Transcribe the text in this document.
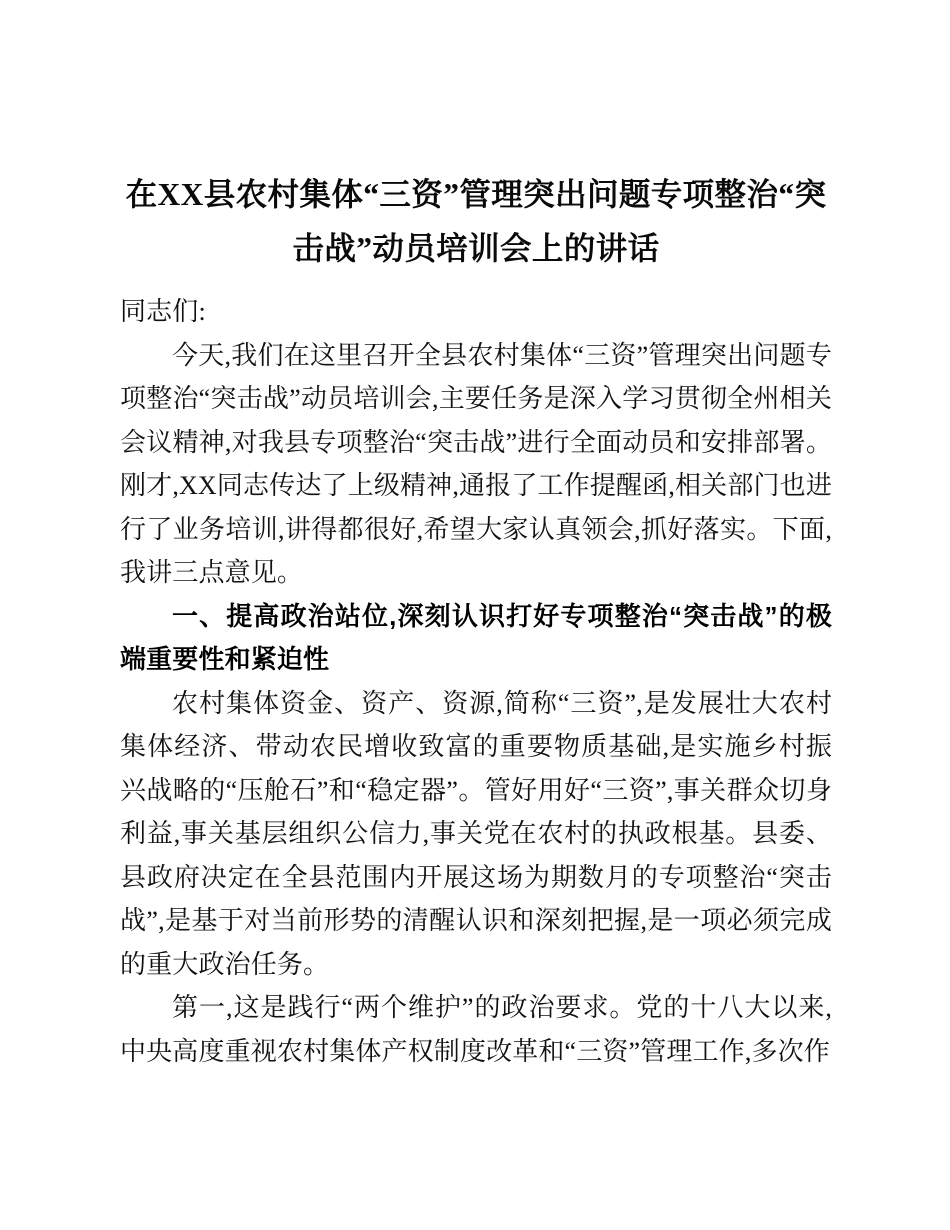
在XX县农村集体“三资”管理突出问题专项整治“突击战”动员培训会上的讲话

同志们:

今天,我们在这里召开全县农村集体“三资”管理突出问题专项整治“突击战”动员培训会,主要任务是深入学习贯彻全州相关会议精神,对我县专项整治“突击战”进行全面动员和安排部署。刚才,XX同志传达了上级精神,通报了工作提醒函,相关部门也进行了业务培训,讲得都很好,希望大家认真领会,抓好落实。下面,我讲三点意见。

一、提高政治站位,深刻认识打好专项整治“突击战”的极端重要性和紧迫性

农村集体资金、资产、资源,简称“三资”,是发展壮大农村集体经济、带动农民增收致富的重要物质基础,是实施乡村振兴战略的“压舱石”和“稳定器”。管好用好“三资”,事关群众切身利益,事关基层组织公信力,事关党在农村的执政根基。县委、县政府决定在全县范围内开展这场为期数月的专项整治“突击战”,是基于对当前形势的清醒认识和深刻把握,是一项必须完成的重大政治任务。

第一,这是践行“两个维护”的政治要求。党的十八大以来,中央高度重视农村集体产权制度改革和“三资”管理工作,多次作
